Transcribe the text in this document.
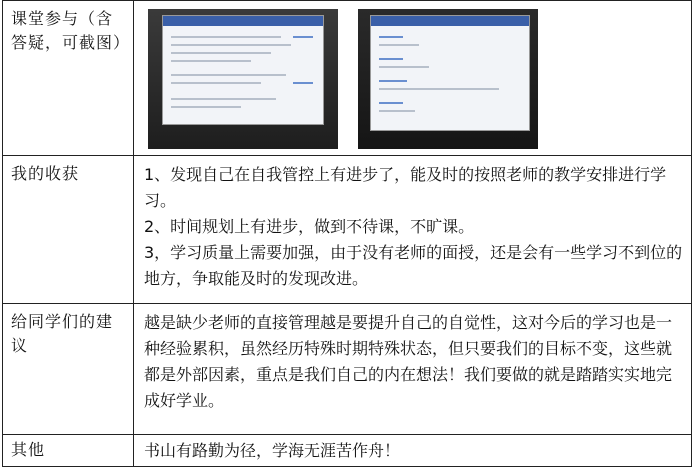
课堂参与（含答疑，可截图）	

我的收获	1、发现自己在自我管控上有进步了，能及时的按照老师的教学安排进行学习。

2、时间规划上有进步，做到不待课，不旷课。

3，学习质量上需要加强，由于没有老师的面授，还是会有一些学习不到位的地方，争取能及时的发现改进。

给同学们的建议	越是缺少老师的直接管理越是要提升自己的自觉性，这对今后的学习也是一种经验累积，虽然经历特殊时期特殊状态，但只要我们的目标不变，这些就都是外部因素，重点是我们自己的内在想法！我们要做的就是踏踏实实地完成好学业。
其他	书山有路勤为径，学海无涯苦作舟！
